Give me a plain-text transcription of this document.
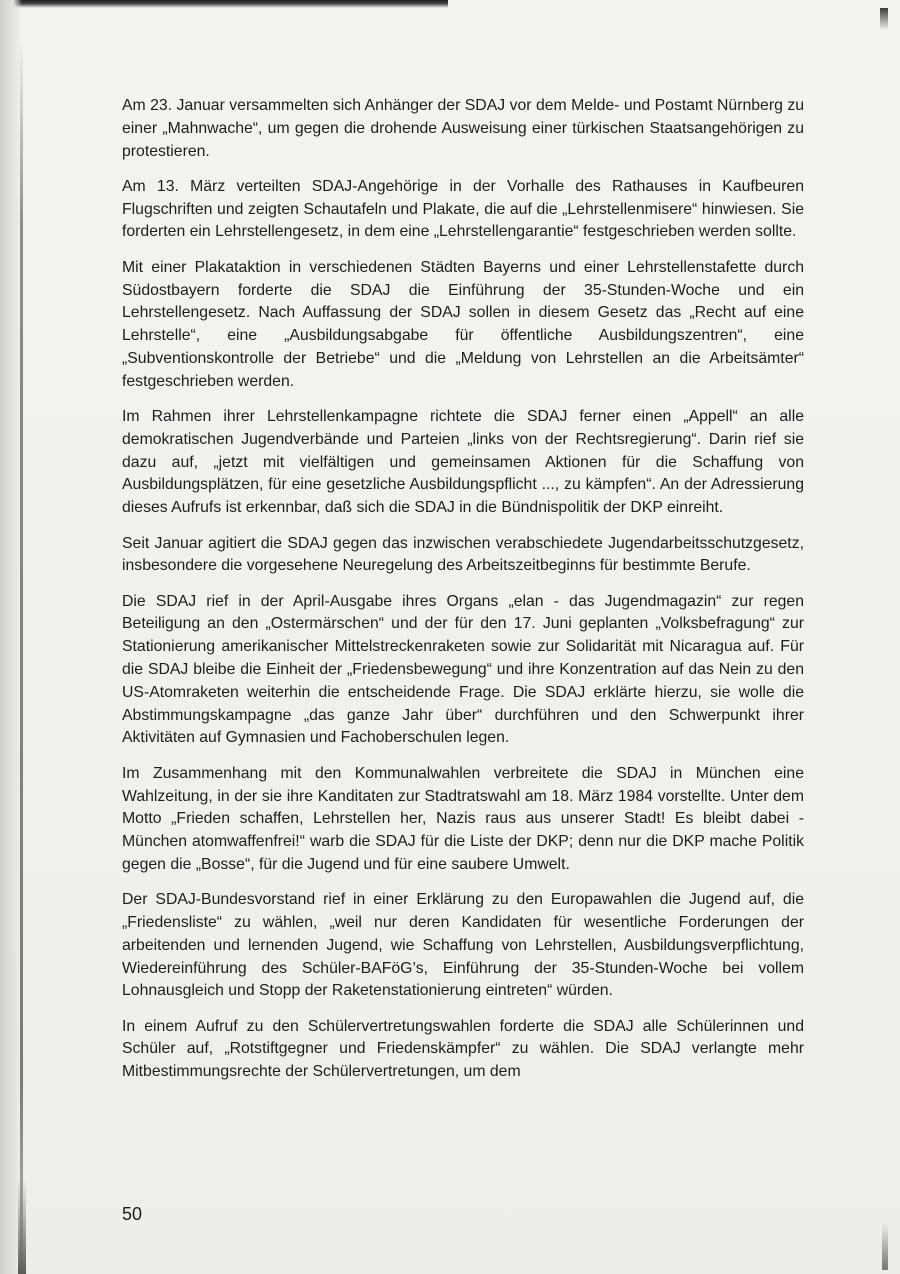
Am 23. Januar versammelten sich Anhänger der SDAJ vor dem Melde- und Postamt Nürnberg zu einer „Mahnwache“, um gegen die drohende Ausweisung einer türkischen Staatsangehörigen zu protestieren.

Am 13. März verteilten SDAJ-Angehörige in der Vorhalle des Rathauses in Kaufbeuren Flugschriften und zeigten Schautafeln und Plakate, die auf die „Lehrstellenmisere“ hinwiesen. Sie forderten ein Lehrstellengesetz, in dem eine „Lehrstellengarantie“ festgeschrieben werden sollte.

Mit einer Plakataktion in verschiedenen Städten Bayerns und einer Lehrstellenstafette durch Südostbayern forderte die SDAJ die Einführung der 35-Stunden-Woche und ein Lehrstellengesetz. Nach Auffassung der SDAJ sollen in diesem Gesetz das „Recht auf eine Lehrstelle“, eine „Ausbildungsabgabe für öffentliche Ausbildungszentren“, eine „Subventionskontrolle der Betriebe“ und die „Meldung von Lehrstellen an die Arbeitsämter“ festgeschrieben werden.

Im Rahmen ihrer Lehrstellenkampagne richtete die SDAJ ferner einen „Appell“ an alle demokratischen Jugendverbände und Parteien „links von der Rechtsregierung“. Darin rief sie dazu auf, „jetzt mit vielfältigen und gemeinsamen Aktionen für die Schaffung von Ausbildungsplätzen, für eine gesetzliche Ausbildungspflicht ..., zu kämpfen“. An der Adressierung dieses Aufrufs ist erkennbar, daß sich die SDAJ in die Bündnispolitik der DKP einreiht.

Seit Januar agitiert die SDAJ gegen das inzwischen verabschiedete Jugendarbeitsschutzgesetz, insbesondere die vorgesehene Neuregelung des Arbeitszeitbeginns für bestimmte Berufe.

Die SDAJ rief in der April-Ausgabe ihres Organs „elan - das Jugendmagazin“ zur regen Beteiligung an den „Ostermärschen“ und der für den 17. Juni geplanten „Volksbefragung“ zur Stationierung amerikanischer Mittelstreckenraketen sowie zur Solidarität mit Nicaragua auf. Für die SDAJ bleibe die Einheit der „Friedensbewegung“ und ihre Konzentration auf das Nein zu den US-Atomraketen weiterhin die entscheidende Frage. Die SDAJ erklärte hierzu, sie wolle die Abstimmungskampagne „das ganze Jahr über“ durchführen und den Schwerpunkt ihrer Aktivitäten auf Gymnasien und Fachoberschulen legen.

Im Zusammenhang mit den Kommunalwahlen verbreitete die SDAJ in München eine Wahlzeitung, in der sie ihre Kanditaten zur Stadtratswahl am 18. März 1984 vorstellte. Unter dem Motto „Frieden schaffen, Lehrstellen her, Nazis raus aus unserer Stadt! Es bleibt dabei - München atomwaffenfrei!“ warb die SDAJ für die Liste der DKP; denn nur die DKP mache Politik gegen die „Bosse“, für die Jugend und für eine saubere Umwelt.

Der SDAJ-Bundesvorstand rief in einer Erklärung zu den Europawahlen die Jugend auf, die „Friedensliste“ zu wählen, „weil nur deren Kandidaten für wesentliche Forderungen der arbeitenden und lernenden Jugend, wie Schaffung von Lehrstellen, Ausbildungsverpflichtung, Wiedereinführung des Schüler-BAFöG’s, Einführung der 35-Stunden-Woche bei vollem Lohnausgleich und Stopp der Raketenstationierung eintreten“ würden.

In einem Aufruf zu den Schülervertretungswahlen forderte die SDAJ alle Schülerinnen und Schüler auf, „Rotstiftgegner und Friedenskämpfer“ zu wählen. Die SDAJ verlangte mehr Mitbestimmungsrechte der Schülervertretungen, um dem

50
